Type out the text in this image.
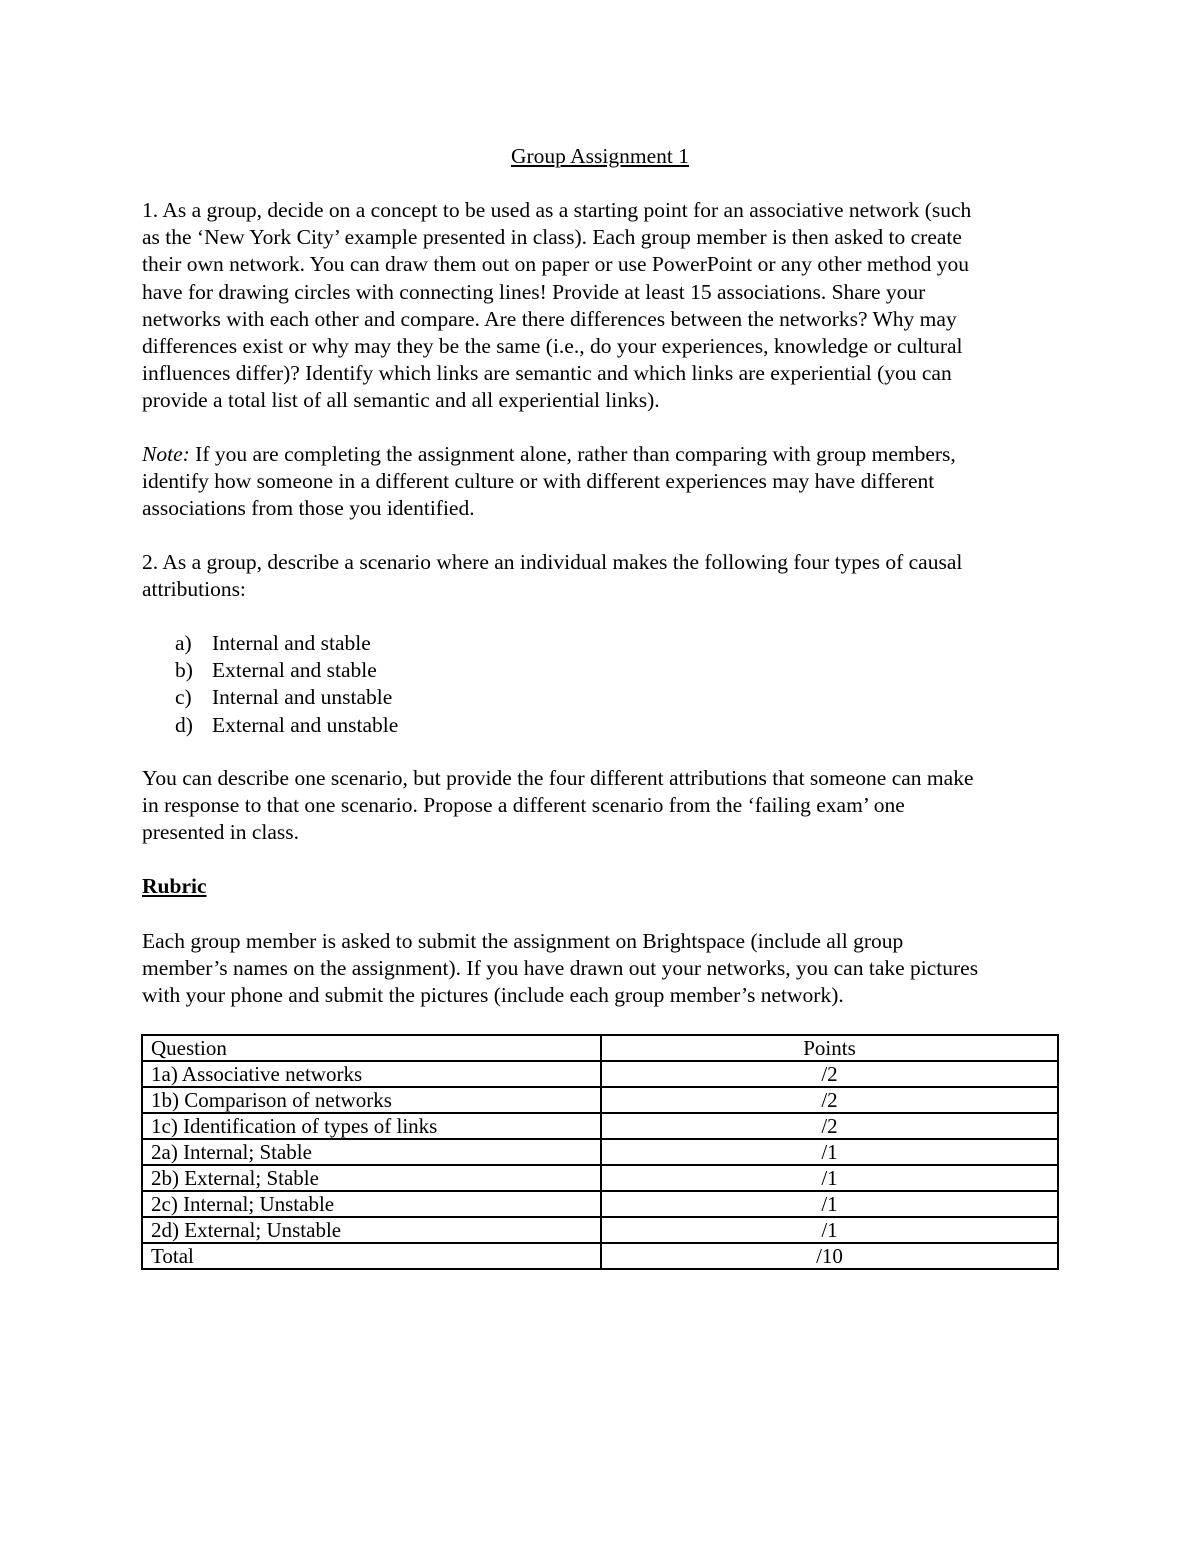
Group Assignment 1
1. As a group, decide on a concept to be used as a starting point for an associative network (such
as the ‘New York City’ example presented in class). Each group member is then asked to create
their own network. You can draw them out on paper or use PowerPoint or any other method you
have for drawing circles with connecting lines! Provide at least 15 associations. Share your
networks with each other and compare. Are there differences between the networks? Why may
differences exist or why may they be the same (i.e., do your experiences, knowledge or cultural
influences differ)? Identify which links are semantic and which links are experiential (you can
provide a total list of all semantic and all experiential links).
Note: If you are completing the assignment alone, rather than comparing with group members,
identify how someone in a different culture or with different experiences may have different
associations from those you identified.
2. As a group, describe a scenario where an individual makes the following four types of causal
attributions:
a) Internal and stable
b) External and stable
c) Internal and unstable
d) External and unstable
You can describe one scenario, but provide the four different attributions that someone can make
in response to that one scenario. Propose a different scenario from the ‘failing exam’ one
presented in class.
Rubric
Each group member is asked to submit the assignment on Brightspace (include all group
member’s names on the assignment). If you have drawn out your networks, you can take pictures
with your phone and submit the pictures (include each group member’s network).
Question	Points
1a) Associative networks	/2
1b) Comparison of networks	/2
1c) Identification of types of links	/2
2a) Internal; Stable	/1
2b) External; Stable	/1
2c) Internal; Unstable	/1
2d) External; Unstable	/1
Total	/10
